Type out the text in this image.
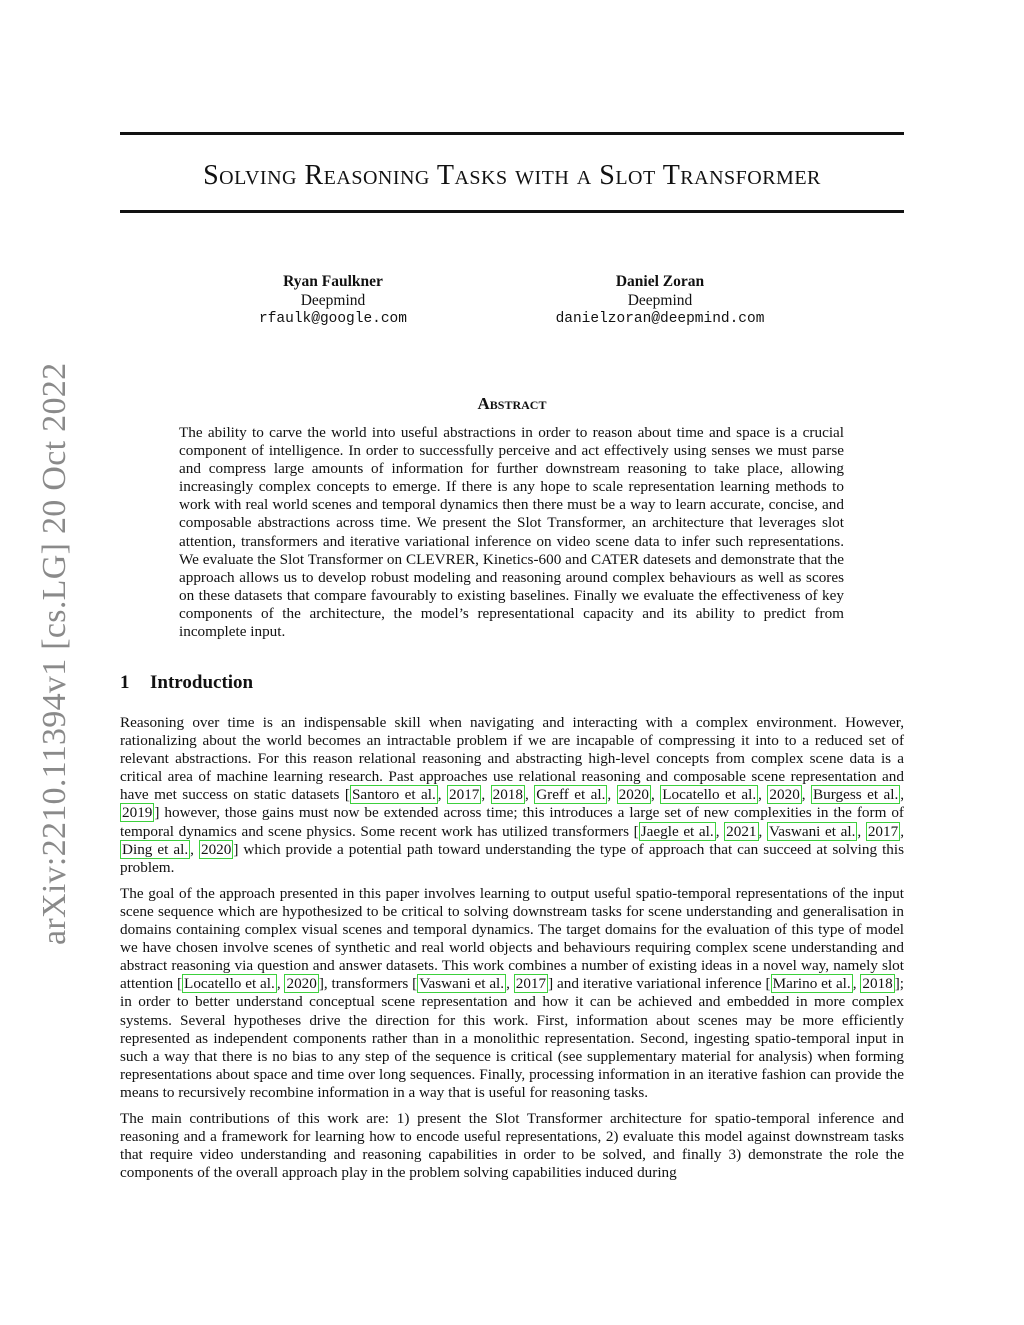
Solving Reasoning Tasks with a Slot Transformer
arXiv:2210.11394v1 [cs.LG] 20 Oct 2022
Ryan Faulkner
Deepmind
rfaulk@google.com
Daniel Zoran
Deepmind
danielzoran@deepmind.com
Abstract

The ability to carve the world into useful abstractions in order to reason about time and space is a crucial component of intelligence. In order to successfully perceive and act effectively using senses we must parse and compress large amounts of information for further downstream reasoning to take place, allowing increasingly complex concepts to emerge. If there is any hope to scale representation learning methods to work with real world scenes and temporal dynamics then there must be a way to learn accurate, concise, and composable abstractions across time. We present the Slot Transformer, an architecture that leverages slot attention, transformers and iterative variational inference on video scene data to infer such representations. We evaluate the Slot Transformer on CLEVRER, Kinetics-600 and CATER datesets and demonstrate that the approach allows us to develop robust modeling and reasoning around complex behaviours as well as scores on these datasets that compare favourably to existing baselines. Finally we evaluate the effectiveness of key components of the architecture, the model’s representational capacity and its ability to predict from incomplete input.

1 Introduction

Reasoning over time is an indispensable skill when navigating and interacting with a complex environment. However, rationalizing about the world becomes an intractable problem if we are incapable of compressing it into to a reduced set of relevant abstractions. For this reason relational reasoning and abstracting high-level concepts from complex scene data is a critical area of machine learning research. Past approaches use relational reasoning and composable scene representation and have met success on static datasets [ Santoro et al. , 2017 , 2018 , Greff et al. , 2020 , Locatello et al. , 2020 , Burgess et al. , 2019 ] however, those gains must now be extended across time; this introduces a large set of new complexities in the form of temporal dynamics and scene physics. Some recent work has utilized transformers [ Jaegle et al. , 2021 , Vaswani et al. , 2017 , Ding et al. , 2020 ] which provide a potential path toward understanding the type of approach that can succeed at solving this problem.

The goal of the approach presented in this paper involves learning to output useful spatio-temporal representations of the input scene sequence which are hypothesized to be critical to solving downstream tasks for scene understanding and generalisation in domains containing complex visual scenes and temporal dynamics. The target domains for the evaluation of this type of model we have chosen involve scenes of synthetic and real world objects and behaviours requiring complex scene understanding and abstract reasoning via question and answer datasets. This work combines a number of existing ideas in a novel way, namely slot attention [ Locatello et al. , 2020 ], transformers [ Vaswani et al. , 2017 ] and iterative variational inference [ Marino et al. , 2018 ]; in order to better understand conceptual scene representation and how it can be achieved and embedded in more complex systems. Several hypotheses drive the direction for this work. First, information about scenes may be more efficiently represented as independent components rather than in a monolithic representation. Second, ingesting spatio-temporal input in such a way that there is no bias to any step of the sequence is critical (see supplementary material for analysis) when forming representations about space and time over long sequences. Finally, processing information in an iterative fashion can provide the means to recursively recombine information in a way that is useful for reasoning tasks.

The main contributions of this work are: 1) present the Slot Transformer architecture for spatio-temporal inference and reasoning and a framework for learning how to encode useful representations, 2) evaluate this model against downstream tasks that require video understanding and reasoning capabilities in order to be solved, and finally 3) demonstrate the role the components of the overall approach play in the problem solving capabilities induced during
